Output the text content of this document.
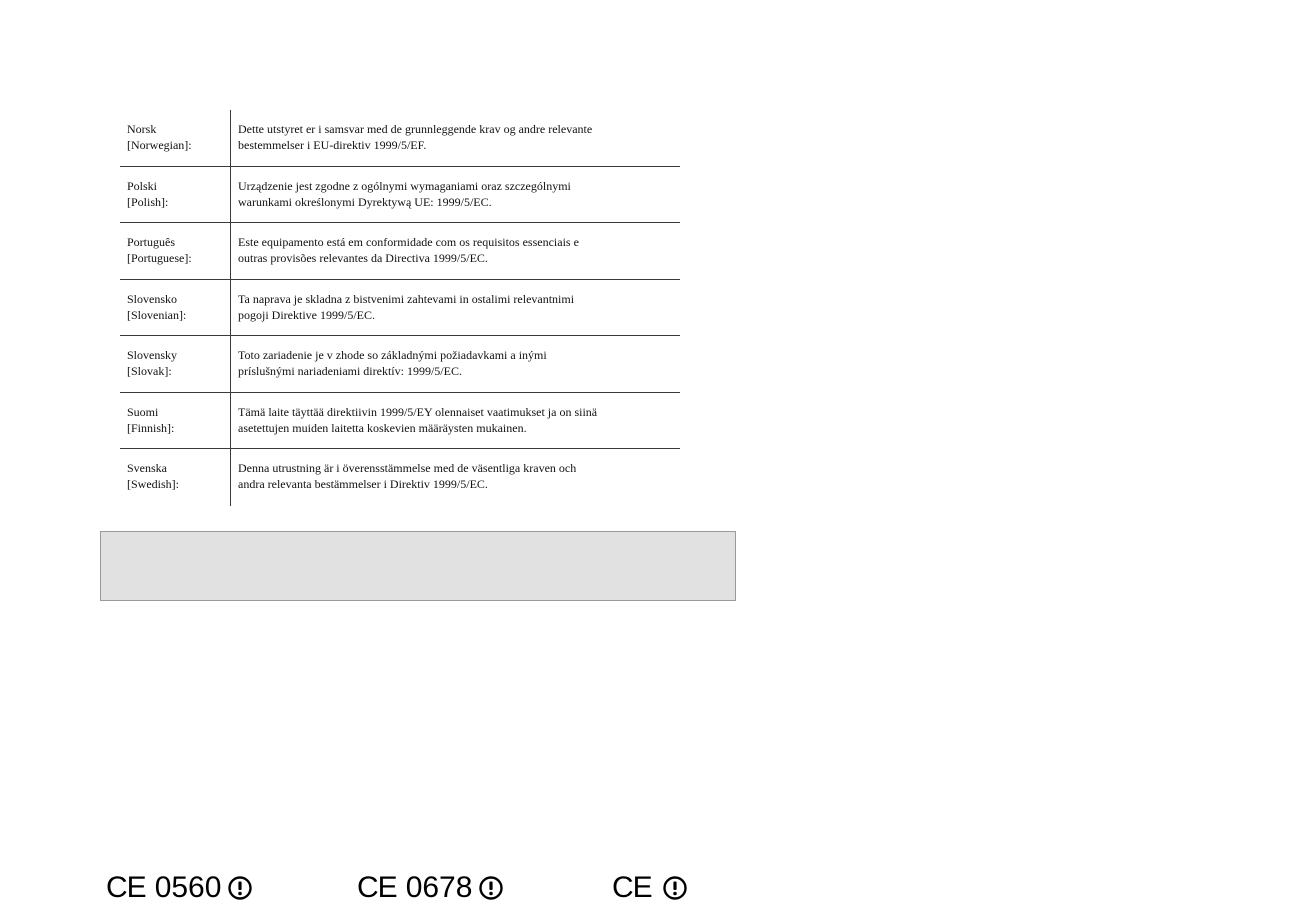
Norsk
[Norwegian]:
Dette utstyret er i samsvar med de grunnleggende krav og andre relevante
bestemmelser i EU-direktiv 1999/5/EF.
Polski
[Polish]:
Urządzenie jest zgodne z ogólnymi wymaganiami oraz szczególnymi
warunkami określonymi Dyrektywą UE: 1999/5/EC.
Português
[Portuguese]:
Este equipamento está em conformidade com os requisitos essenciais e
outras provisões relevantes da Directiva 1999/5/EC.
Slovensko
[Slovenian]:
Ta naprava je skladna z bistvenimi zahtevami in ostalimi relevantnimi
pogoji Direktive 1999/5/EC.
Slovensky
[Slovak]:
Toto zariadenie je v zhode so základnými požiadavkami a inými
príslušnými nariadeniami direktív: 1999/5/EC.
Suomi
[Finnish]:
Tämä laite täyttää direktiivin 1999/5/EY olennaiset vaatimukset ja on siinä
asetettujen muiden laitetta koskevien määräysten mukainen.
Svenska
[Swedish]:
Denna utrustning är i överensstämmelse med de väsentliga kraven och
andra relevanta bestämmelser i Direktiv 1999/5/EC.
CE 0560	CE 0678	CE
